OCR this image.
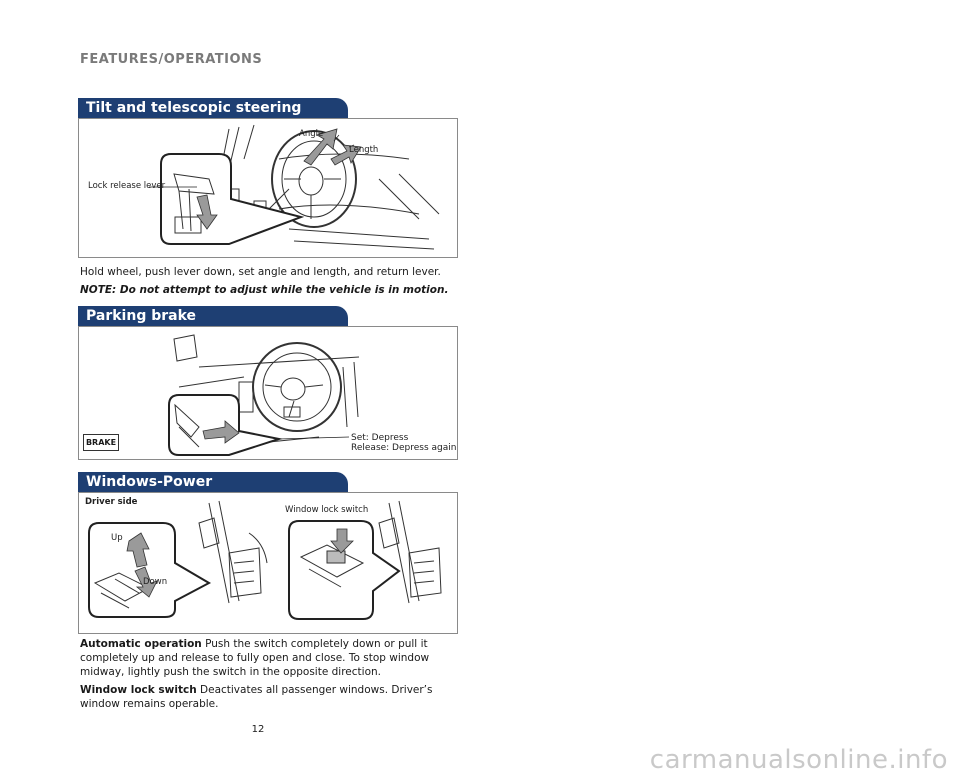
FEATURES/OPERATIONS
Tilt and telescopic steering
Angle
Length
Lock release lever
Hold wheel, push lever down, set angle and length, and return lever.
NOTE: Do not attempt to adjust while the vehicle is in motion.
Parking brake
BRAKE	Set: Depress
Release: Depress again
Windows-Power
Driver side
Window lock switch
Up
Down
Automatic operation Push the switch completely down or pull it completely up and release to fully open and close. To stop window midway, lightly push the switch in the opposite direction.
Window lock switch Deactivates all passenger windows. Driver’s window remains operable.
12
carmanualsonline.info
